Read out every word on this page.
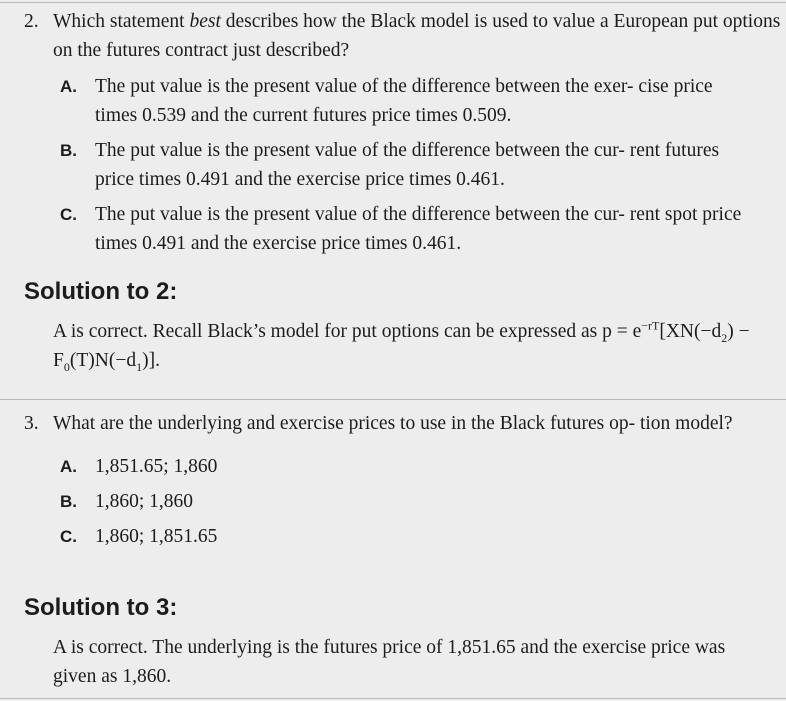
2. Which statement best describes how the Black model is used to value a European put options on the futures contract just described?

A. The put value is the present value of the difference between the exer- cise price times 0.539 and the current futures price times 0.509.
B. The put value is the present value of the difference between the cur- rent futures price times 0.491 and the exercise price times 0.461.
C. The put value is the present value of the difference between the cur- rent spot price times 0.491 and the exercise price times 0.461.
Solution to 2:

A is correct. Recall Black’s model for put options can be expressed as $p = e^{-rT}[XN(-d_2) - F_0(T)N(-d_1)]$.

3. What are the underlying and exercise prices to use in the Black futures op- tion model?

A. 1,851.65; 1,860
B. 1,860; 1,860
C. 1,860; 1,851.65
Solution to 3:

A is correct. The underlying is the futures price of 1,851.65 and the exercise price was given as 1,860.
